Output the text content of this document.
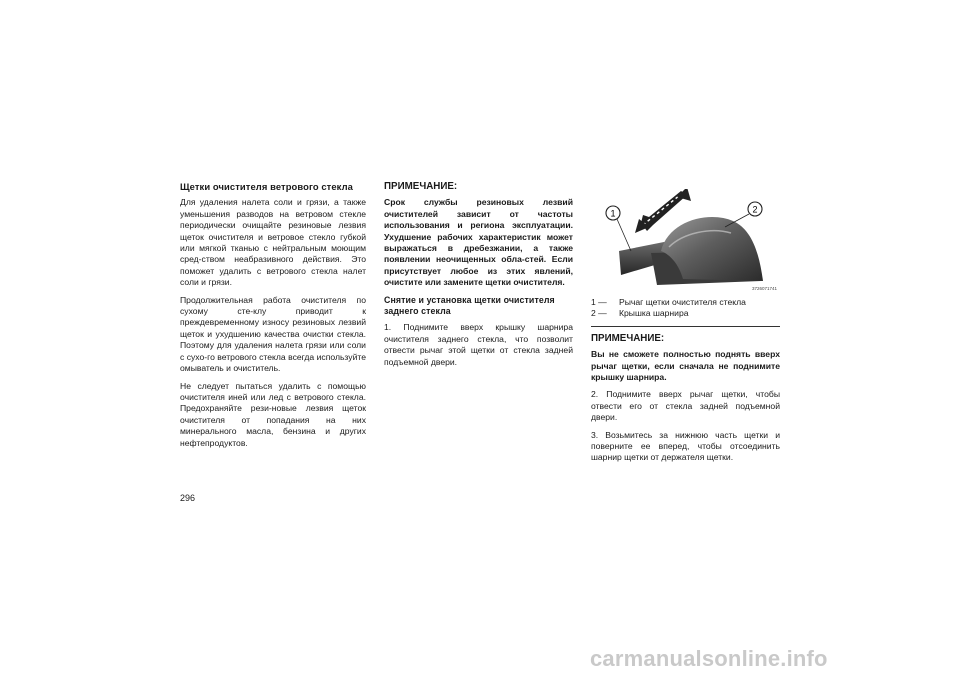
Щетки очистителя ветрового стекла

Для удаления налета соли и грязи, а также уменьшения разводов на ветровом стекле периодически очищайте резиновые лезвия щеток очистителя и ветровое стекло губкой или мягкой тканью с нейтральным моющим сред-ством неабразивного действия. Это поможет удалить с ветрового стекла налет соли и грязи.

Продолжительная работа очистителя по сухому сте-клу приводит к преждевременному износу резиновых лезвий щеток и ухудшению качества очистки стекла. Поэтому для удаления налета грязи или соли с сухо-го ветрового стекла всегда используйте омыватель и очиститель.

Не следует пытаться удалить с помощью очистителя иней или лед с ветрового стекла. Предохраняйте рези-новые лезвия щеток очистителя от попадания на них минерального масла, бензина и других нефтепродуктов.

ПРИМЕЧАНИЕ:

Срок службы резиновых лезвий очистителей зависит от частоты использования и региона эксплуатации. Ухудшение рабочих характеристик может выражаться в дребезжании, а также появлении неочищенных обла-стей. Если присутствует любое из этих явлений, очистите или замените щетки очистителя.

Снятие и установка щетки очистителя заднего стекла

1. Поднимите вверх крышку шарнира очистителя заднего стекла, что позволит отвести рычаг этой щетки от стекла задней подъемной двери.

1	2
3726071741
1 —	Рычаг щетки очистителя стекла
2 —	Крышка шарнира
ПРИМЕЧАНИЕ:

Вы не сможете полностью поднять вверх рычаг щетки, если сначала не поднимите крышку шарнира.

2. Поднимите вверх рычаг щетки, чтобы отвести его от стекла задней подъемной двери.

3. Возьмитесь за нижнюю часть щетки и поверните ее вперед, чтобы отсоединить шарнир щетки от держателя щетки.

296
carmanualsonline.info
